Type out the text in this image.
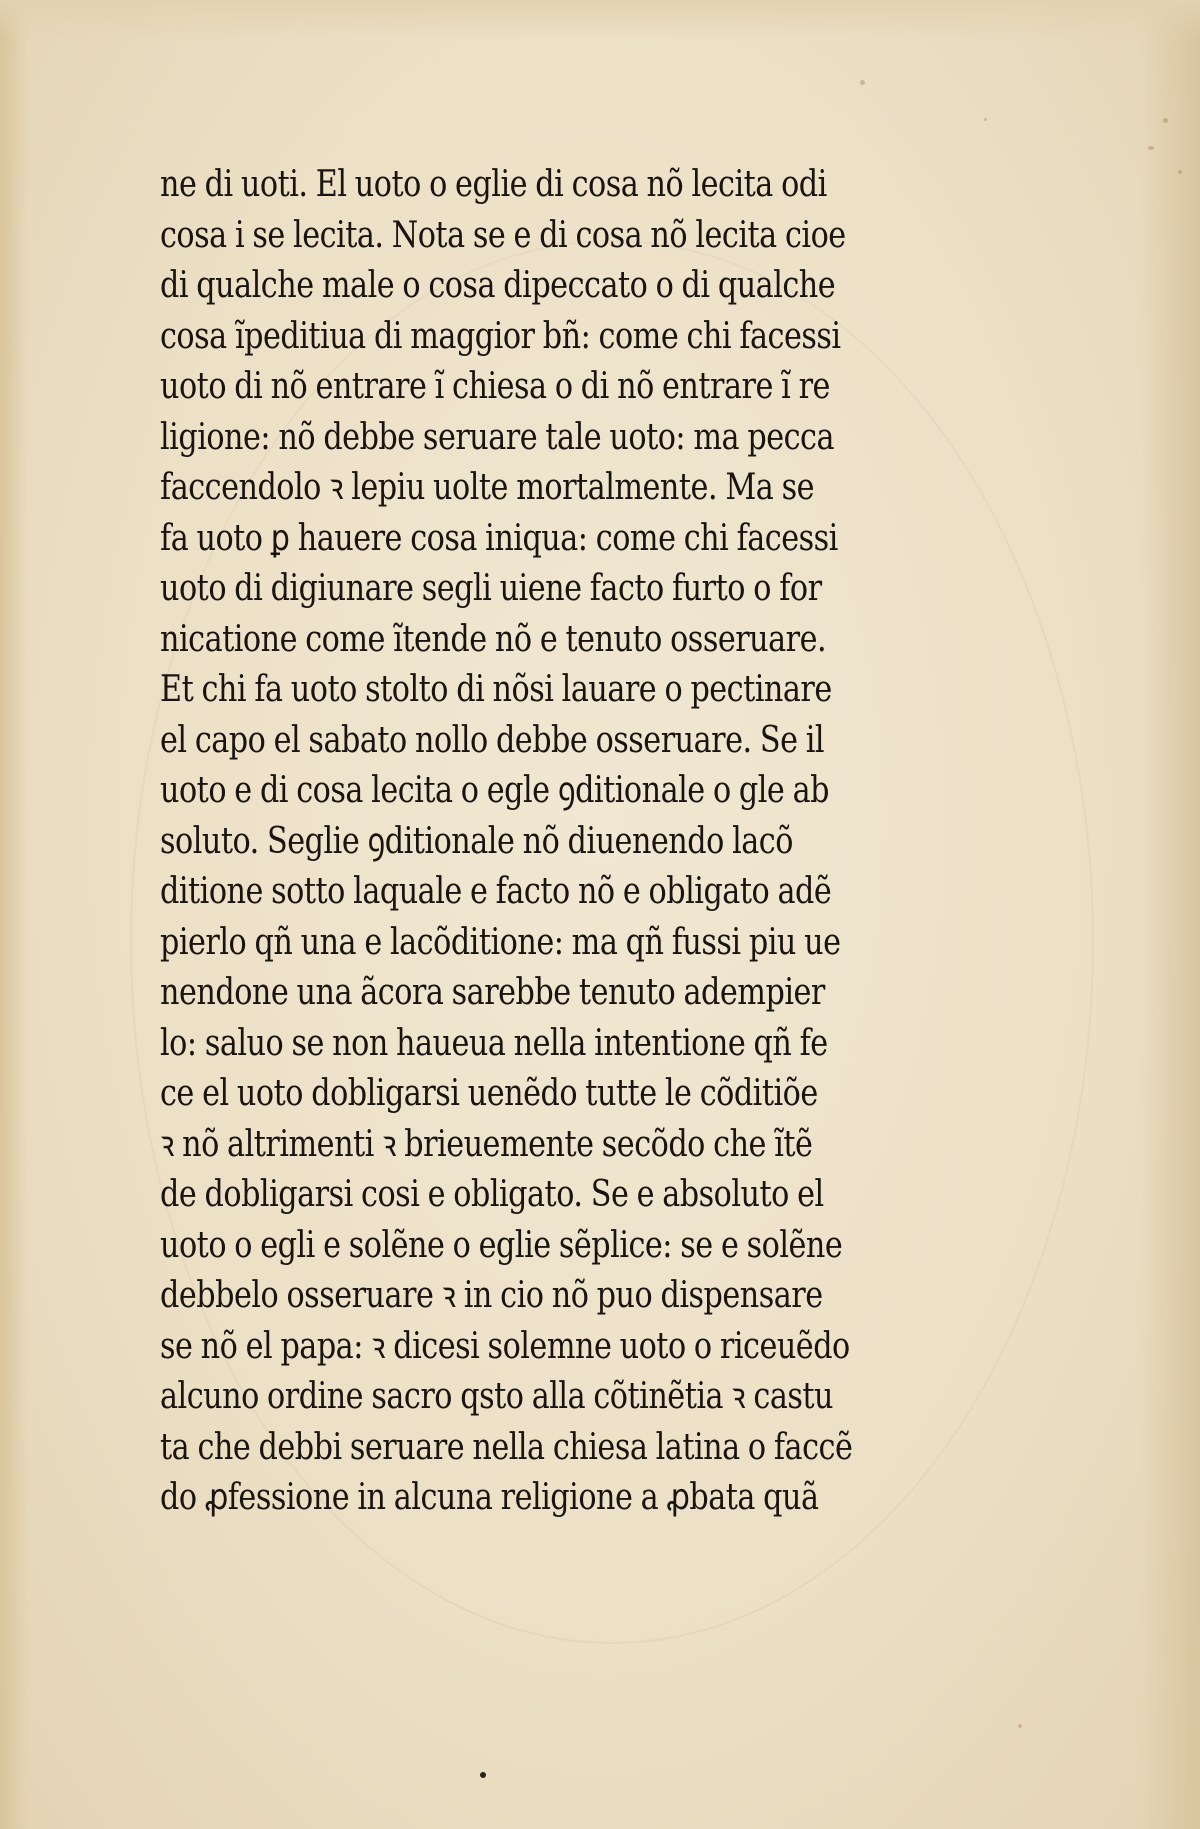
ne di uoti. El uoto o eglie di cosa nõ lecita odi
cosa i se lecita. Nota se e di cosa nõ lecita cioe
di qualche male o cosa dipeccato o di qualche
cosa ĩpeditiua di maggior bñ: come chi facessi
uoto di nõ entrare ĩ chiesa o di nõ entrare ĩ re
ligione: nõ debbe seruare tale uoto: ma pecca
faccendolo ꝛ lepiu uolte mortalmente. Ma se
fa uoto ꝑ hauere cosa iniqua: come chi facessi
uoto di digiunare segli uiene facto furto o for
nicatione come ĩtende nõ e tenuto osseruare.
Et chi fa uoto stolto di nõsi lauare o pectinare
el capo el sabato nollo debbe osseruare. Se il
uoto e di cosa lecita o egle ꝯditionale o gle ab
soluto. Seglie ꝯditionale nõ diuenendo lacõ
ditione sotto laquale e facto nõ e obligato adẽ
pierlo qñ una e lacõditione: ma qñ fussi piu ue
nendone una ãcora sarebbe tenuto adempier
lo: saluo se non haueua nella intentione qñ fe
ce el uoto dobligarsi uenẽdo tutte le cõditiõe
ꝛ nõ altrimenti ꝛ brieuemente secõdo che ĩtẽ
de dobligarsi cosi e obligato. Se e absoluto el
uoto o egli e solẽne o eglie sẽplice: se e solẽne
debbelo osseruare ꝛ in cio nõ puo dispensare
se nõ el papa: ꝛ dicesi solemne uoto o riceuẽdo
alcuno ordine sacro qsto alla cõtinẽtia ꝛ castu
ta che debbi seruare nella chiesa latina o faccẽ
do ꝓfessione in alcuna religione a ꝓbata quã
